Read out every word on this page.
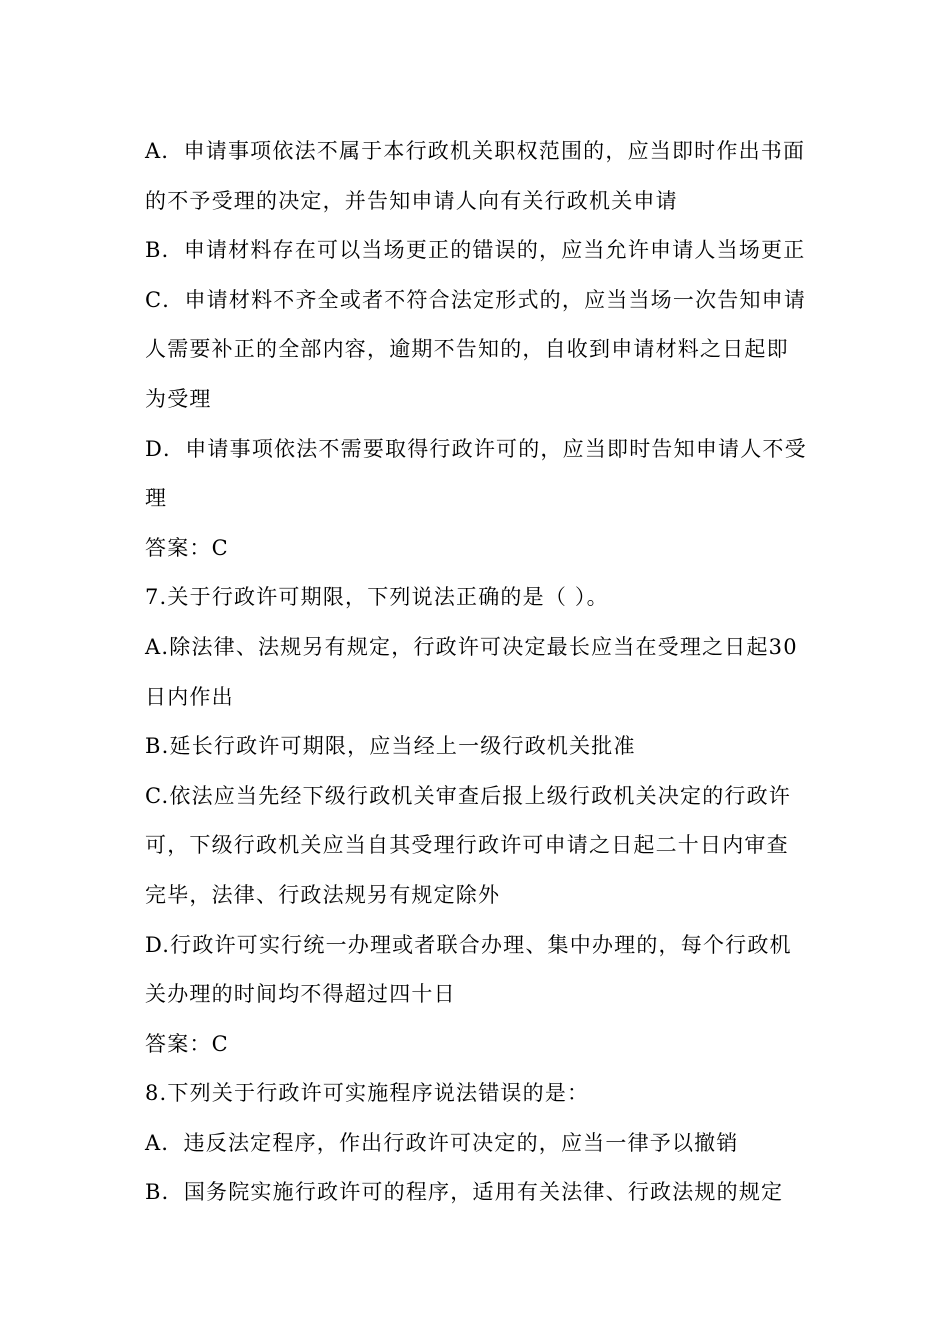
A．申请事项依法不属于本行政机关职权范围的，应当即时作出书面
的不予受理的决定，并告知申请人向有关行政机关申请
B．申请材料存在可以当场更正的错误的，应当允许申请人当场更正
C．申请材料不齐全或者不符合法定形式的，应当当场一次告知申请
人需要补正的全部内容，逾期不告知的，自收到申请材料之日起即
为受理
D．申请事项依法不需要取得行政许可的，应当即时告知申请人不受
理
答案：C
7.关于行政许可期限，下列说法正确的是（ ）。
A.除法律、法规另有规定，行政许可决定最长应当在受理之日起30
日内作出
B.延长行政许可期限，应当经上一级行政机关批准
C.依法应当先经下级行政机关审查后报上级行政机关决定的行政许
可，下级行政机关应当自其受理行政许可申请之日起二十日内审查
完毕，法律、行政法规另有规定除外
D.行政许可实行统一办理或者联合办理、集中办理的，每个行政机
关办理的时间均不得超过四十日
答案：C
8.下列关于行政许可实施程序说法错误的是：
A．违反法定程序，作出行政许可决定的，应当一律予以撤销
B．国务院实施行政许可的程序，适用有关法律、行政法规的规定
